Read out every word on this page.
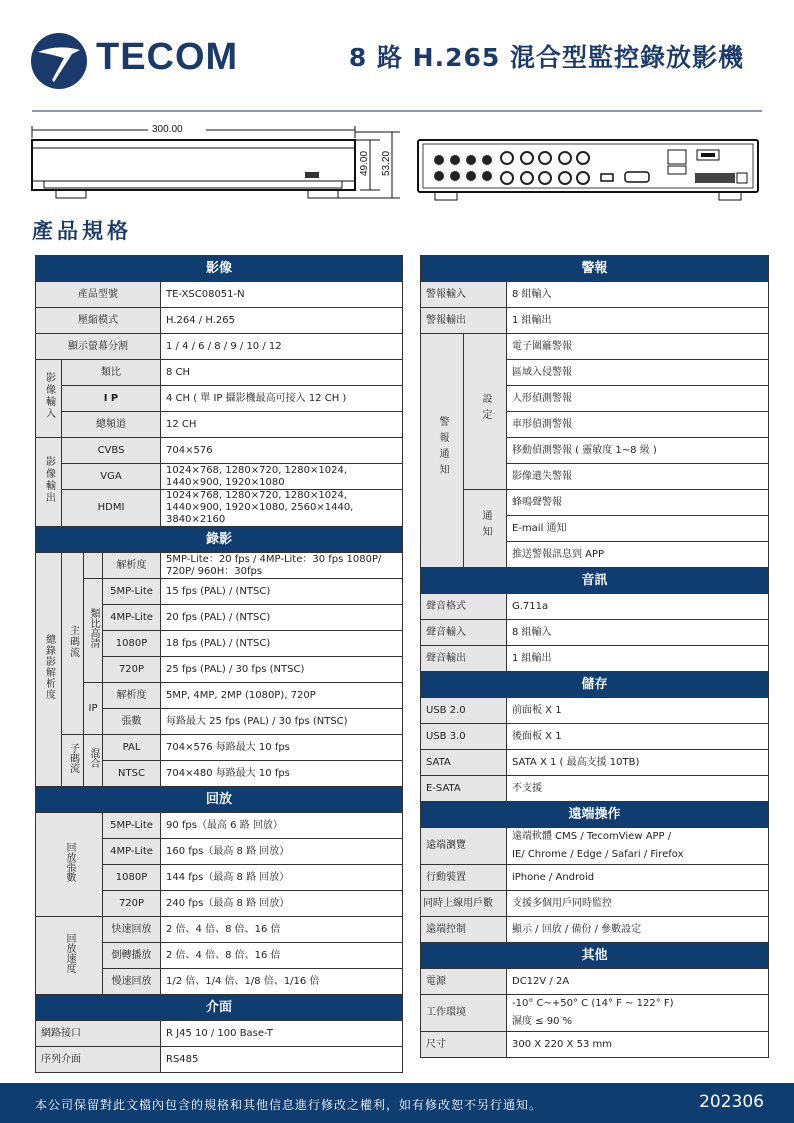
TECOM	8 路 H.265 混合型監控錄放影機
300.00
49.00 53.20
產品規格
影像				
產品型號				TE-XSC08051-N
壓縮模式				H.264 / H.265
顯示螢幕分割				1 / 4 / 6 / 8 / 9 / 10 / 12
影像輸入	類比			8 CH
	I P			4 CH ( 單 IP 攝影機最高可接入 12 CH )
	總頻道			12 CH
影像輸出	CVBS			704×576
	VGA			1024×768, 1280×720, 1280×1024, 1440×900, 1920×1080
	HDMI			1024×768, 1280×720, 1280×1024, 1440×900, 1920×1080, 2560×1440, 3840×2160
錄影				
總錄影解析度	主碼流		解析度	5MP-Lite：20 fps / 4MP-Lite：30 fps 1080P/ 720P/ 960H：30fps
		類比高清	5MP-Lite	15 fps (PAL) / (NTSC)
			4MP-Lite	20 fps (PAL) / (NTSC)
			1080P	18 fps (PAL) / (NTSC)
			720P	25 fps (PAL) / 30 fps (NTSC)
		IP	解析度	5MP, 4MP, 2MP (1080P), 720P
			張數	每路最大 25 fps (PAL) / 30 fps (NTSC)
	子碼流	混合	PAL	704×576 每路最大 10 fps
			NTSC	704×480 每路最大 10 fps
回放				
回放張數			5MP-Lite	90 fps（最高 6 路 回放）
			4MP-Lite	160 fps（最高 8 路 回放）
			1080P	144 fps（最高 8 路 回放）
			720P	240 fps（最高 8 路 回放）
回放速度			快速回放	2 倍、4 倍、8 倍、16 倍
			倒轉播放	2 倍、4 倍、8 倍、16 倍
			慢速回放	1/2 倍、1/4 倍、1/8 倍、1/16 倍
介面				
網路接口				R J45 10 / 100 Base-T
序列介面				RS485
警報		
警報輸入		8 組輸入
警報輸出		1 組輸出
警報通知	設定	電子圍籬警報
		區域入侵警報
		人形偵測警報
		車形偵測警報
		移動偵測警報 ( 靈敏度 1~8 級 )
		影像遺失警報
	通知	蜂鳴聲警報
		E-mail 通知
		推送警報訊息到 APP
音訊		
聲音格式		G.711a
聲音輸入		8 組輸入
聲音輸出		1 組輸出
儲存		
USB 2.0		前面板 X 1
USB 3.0		後面板 X 1
SATA		SATA X 1 ( 最高支援 10TB)
E-SATA		不支援
遠端操作		
遠端瀏覽		遠端軟體 CMS / TecomView APP /
IE/ Chrome / Edge / Safari / Firefox

行動裝置		iPhone / Android
同時上線用戶數		支援多個用戶同時監控
遠端控制		顯示 / 回放 / 備份 / 參數設定
其他		
電源		DC12V / 2A
工作環境		-10° C~+50° C (14° F ~ 122° F)
濕度 ≤ 90 %

尺寸		300 X 220 X 53 mm
本公司保留對此文檔內包含的規格和其他信息進行修改之權利，如有修改恕不另行通知。	202306
